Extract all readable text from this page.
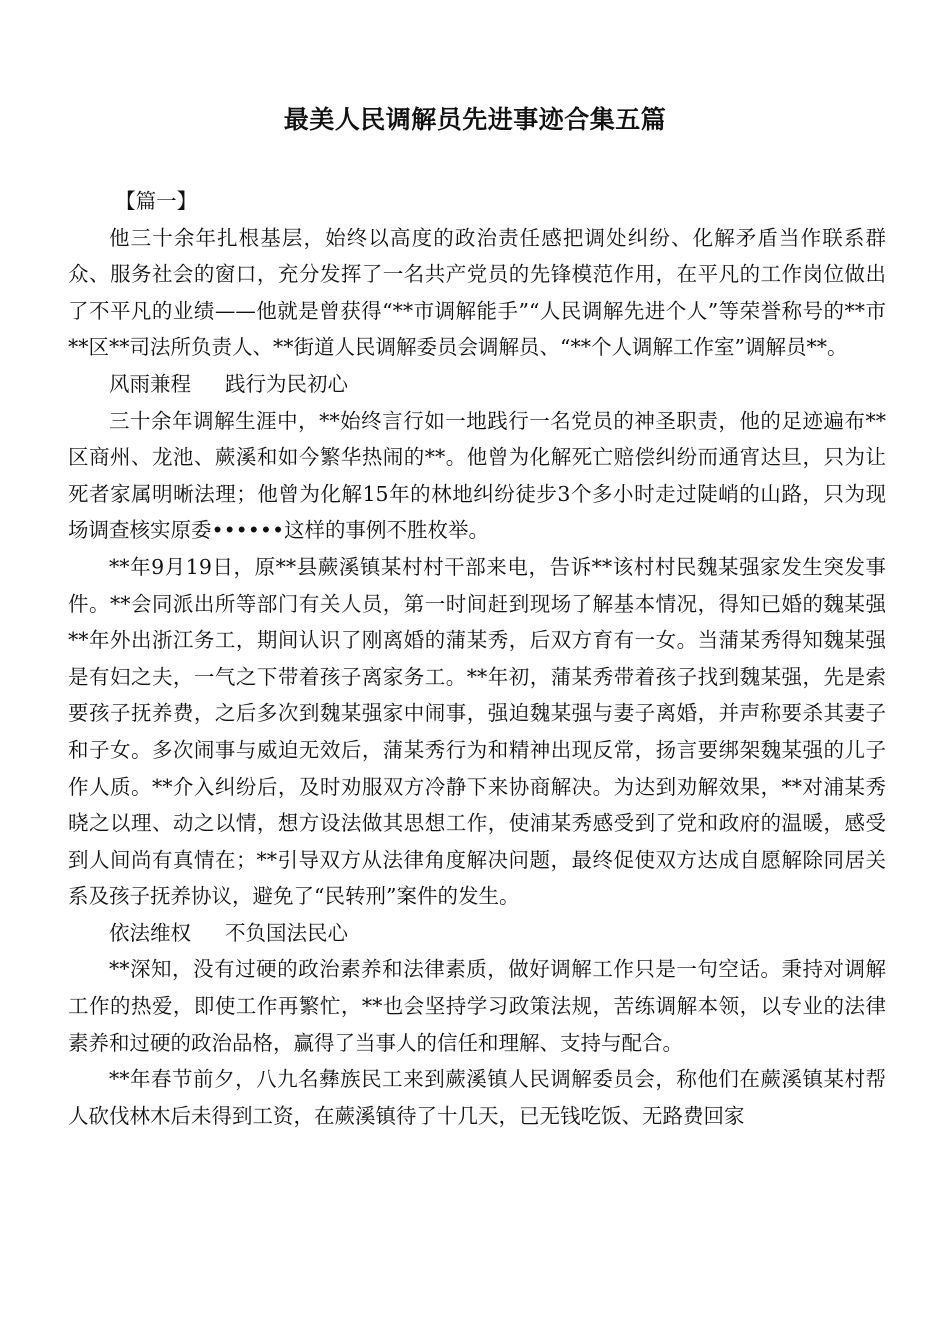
最美人民调解员先进事迹合集五篇

【篇一】

他三十余年扎根基层，始终以高度的政治责任感把调处纠纷、化解矛盾当作联系群众、服务社会的窗口，充分发挥了一名共产党员的先锋模范作用，在平凡的工作岗位做出了不平凡的业绩——他就是曾获得“**市调解能手”“人民调解先进个人”等荣誉称号的**市**区**司法所负责人、**街道人民调解委员会调解员、“**个人调解工作室”调解员**。

风雨兼程 践行为民初心

三十余年调解生涯中，**始终言行如一地践行一名党员的神圣职责，他的足迹遍布**区商州、龙池、蕨溪和如今繁华热闹的**。他曾为化解死亡赔偿纠纷而通宵达旦，只为让死者家属明晰法理；他曾为化解15年的林地纠纷徒步3个多小时走过陡峭的山路，只为现场调查核实原委••••••这样的事例不胜枚举。

**年9月19日，原**县蕨溪镇某村村干部来电，告诉**该村村民魏某强家发生突发事件。**会同派出所等部门有关人员，第一时间赶到现场了解基本情况，得知已婚的魏某强**年外出浙江务工，期间认识了刚离婚的蒲某秀，后双方育有一女。当蒲某秀得知魏某强是有妇之夫，一气之下带着孩子离家务工。**年初，蒲某秀带着孩子找到魏某强，先是索要孩子抚养费，之后多次到魏某强家中闹事，强迫魏某强与妻子离婚，并声称要杀其妻子和子女。多次闹事与威迫无效后，蒲某秀行为和精神出现反常，扬言要绑架魏某强的儿子作人质。**介入纠纷后，及时劝服双方冷静下来协商解决。为达到劝解效果，**对浦某秀晓之以理、动之以情，想方设法做其思想工作，使浦某秀感受到了党和政府的温暖，感受到人间尚有真情在；**引导双方从法律角度解决问题，最终促使双方达成自愿解除同居关系及孩子抚养协议，避免了“民转刑”案件的发生。

依法维权 不负国法民心

**深知，没有过硬的政治素养和法律素质，做好调解工作只是一句空话。秉持对调解工作的热爱，即使工作再繁忙，**也会坚持学习政策法规，苦练调解本领，以专业的法律素养和过硬的政治品格，赢得了当事人的信任和理解、支持与配合。

**年春节前夕，八九名彝族民工来到蕨溪镇人民调解委员会，称他们在蕨溪镇某村帮人砍伐林木后未得到工资，在蕨溪镇待了十几天，已无钱吃饭、无路费回家
